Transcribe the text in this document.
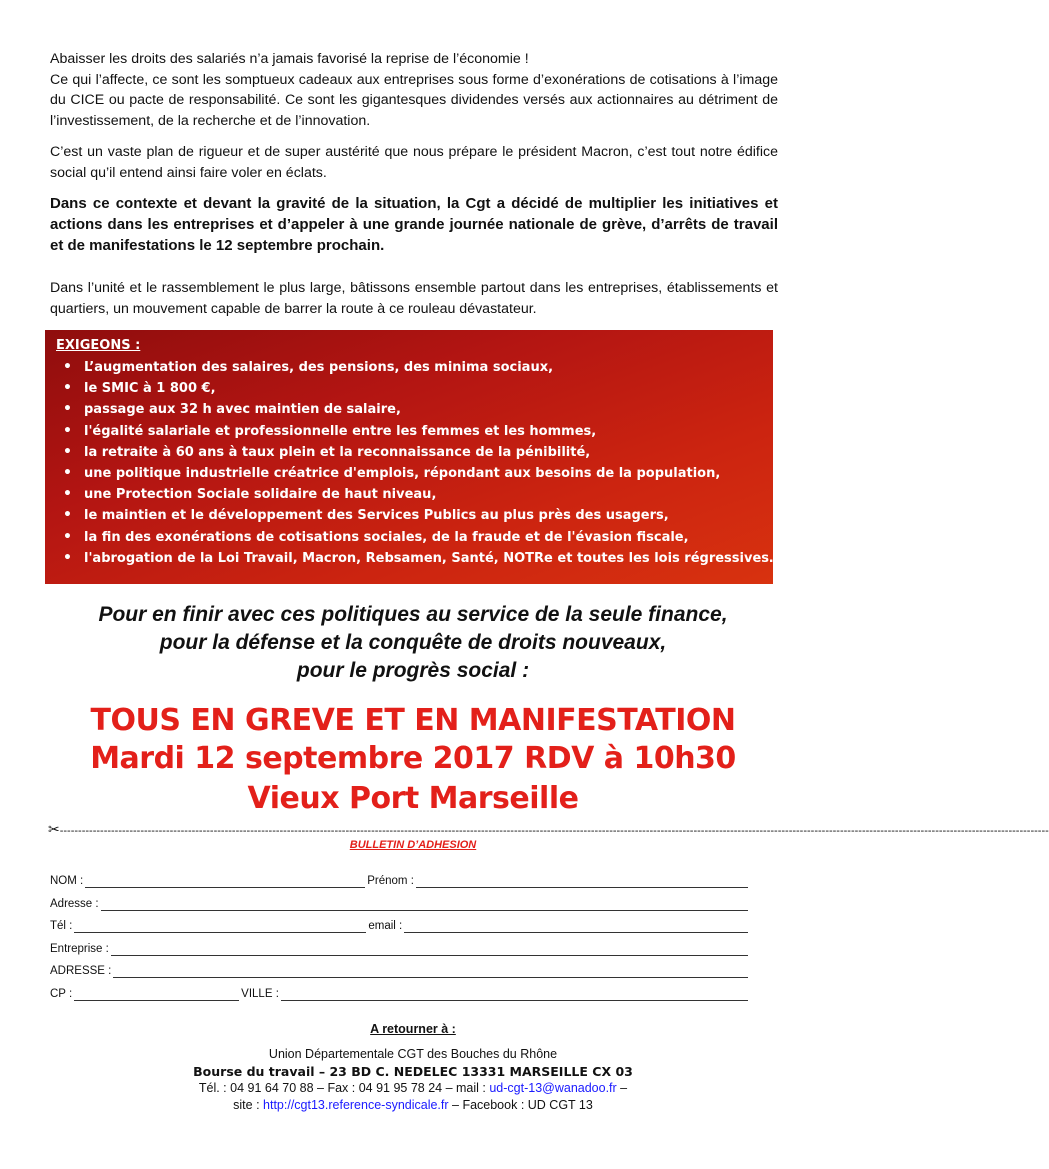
Abaisser les droits des salariés n’a jamais favorisé la reprise de l’économie !
Ce qui l’affecte, ce sont les somptueux cadeaux aux entreprises sous forme d’exonérations de cotisations à l’image du CICE ou pacte de responsabilité. Ce sont les gigantesques dividendes versés aux actionnaires au détriment de l’investissement, de la recherche et de l’innovation.
C’est un vaste plan de rigueur et de super austérité que nous prépare le président Macron, c’est tout notre édifice social qu’il entend ainsi faire voler en éclats.
Dans ce contexte et devant la gravité de la situation, la Cgt a décidé de multiplier les initiatives et actions dans les entreprises et d’appeler à une grande journée nationale de grève, d’arrêts de travail et de manifestations le 12 septembre prochain.
Dans l’unité et le rassemblement le plus large, bâtissons ensemble partout dans les entreprises, établissements et quartiers, un mouvement capable de barrer la route à ce rouleau dévastateur.
EXIGEONS :
• L’augmentation des salaires, des pensions, des minima sociaux,
• le SMIC à 1 800 €,
• passage aux 32 h avec maintien de salaire,
• l'égalité salariale et professionnelle entre les femmes et les hommes,
• la retraite à 60 ans à taux plein et la reconnaissance de la pénibilité,
• une politique industrielle créatrice d'emplois, répondant aux besoins de la population,
• une Protection Sociale solidaire de haut niveau,
• le maintien et le développement des Services Publics au plus près des usagers,
• la fin des exonérations de cotisations sociales, de la fraude et de l'évasion fiscale,
• l'abrogation de la Loi Travail, Macron, Rebsamen, Santé, NOTRe et toutes les lois régressives…
Pour en finir avec ces politiques au service de la seule finance,
pour la défense et la conquête de droits nouveaux,
pour le progrès social :
TOUS EN GREVE ET EN MANIFESTATION
Mardi 12 septembre 2017 RDV à 10h30
Vieux Port Marseille
✂------------------------------------------------------------------------------------------------------------------------------------------------------------------------------------------------------------------------------------------------------------------------------
BULLETIN D’ADHESION
NOM :	Prénom :
Adresse :
Tél :	email :
Entreprise :
ADRESSE :
CP :	VILLE :
A retourner à :
Union Départementale CGT des Bouches du Rhône
Bourse du travail – 23 BD C. NEDELEC 13331 MARSEILLE CX 03
Tél. : 04 91 64 70 88 – Fax : 04 91 95 78 24 – mail : ud-cgt-13@wanadoo.fr –
site : http://cgt13.reference-syndicale.fr – Facebook : UD CGT 13
